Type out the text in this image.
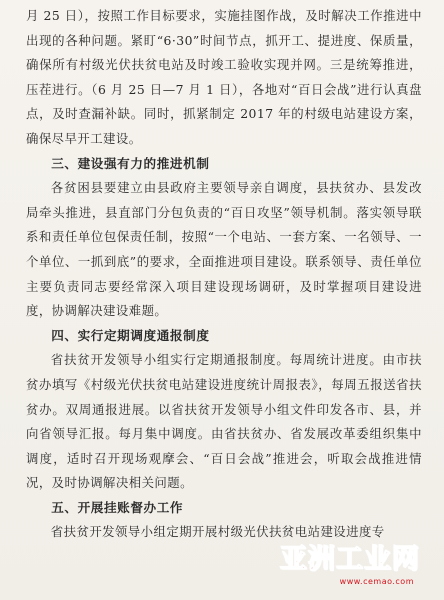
月 25 日），按照工作目标要求，实施挂图作战，及时解决工作推进中出现的各种问题。紧盯“6·30”时间节点，抓开工、提进度、保质量，确保所有村级光伏扶贫电站及时竣工验收实现并网。三是统筹推进，压茬进行。（6 月 25 日—7 月 1 日），各地对“百日会战”进行认真盘点，及时查漏补缺。同时，抓紧制定 2017 年的村级电站建设方案，确保尽早开工建设。

三、建设强有力的推进机制

各贫困县要建立由县政府主要领导亲自调度，县扶贫办、县发改局牵头推进，县直部门分包负责的“百日攻坚”领导机制。落实领导联系和责任单位包保责任制，按照“一个电站、一套方案、一名领导、一个单位、一抓到底”的要求，全面推进项目建设。联系领导、责任单位主要负责同志要经常深入项目建设现场调研，及时掌握项目建设进度，协调解决建设难题。

四、实行定期调度通报制度

省扶贫开发领导小组实行定期通报制度。每周统计进度。由市扶贫办填写《村级光伏扶贫电站建设进度统计周报表》，每周五报送省扶贫办。双周通报进展。以省扶贫开发领导小组文件印发各市、县，并向省领导汇报。每月集中调度。由省扶贫办、省发展改革委组织集中调度，适时召开现场观摩会、“百日会战”推进会，听取会战推进情况，及时协调解决相关问题。

五、开展挂账督办工作

省扶贫开发领导小组定期开展村级光伏扶贫电站建设进度专

亚洲工业网
www.cemao.com
